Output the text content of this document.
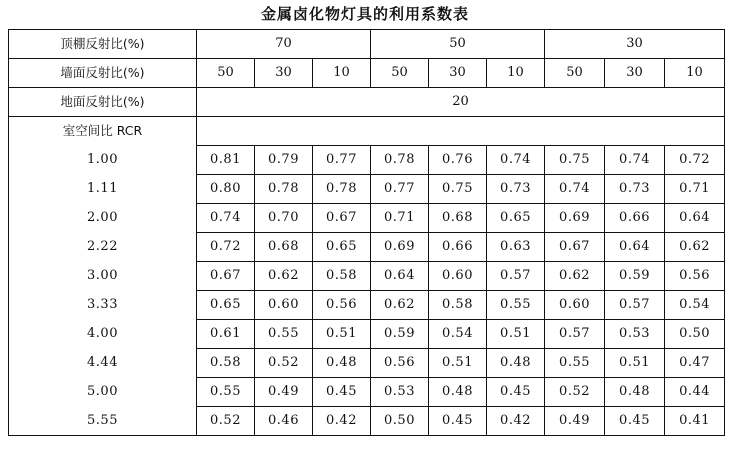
金属卤化物灯具的利用系数表
顶棚反射比(%)	70			50			30		
墙面反射比(%)	50	30	10	50	30	10	50	30	10
地面反射比(%)	20								
室空间比 RCR									
1.00	0.81	0.79	0.77	0.78	0.76	0.74	0.75	0.74	0.72
1.11	0.80	0.78	0.78	0.77	0.75	0.73	0.74	0.73	0.71
2.00	0.74	0.70	0.67	0.71	0.68	0.65	0.69	0.66	0.64
2.22	0.72	0.68	0.65	0.69	0.66	0.63	0.67	0.64	0.62
3.00	0.67	0.62	0.58	0.64	0.60	0.57	0.62	0.59	0.56
3.33	0.65	0.60	0.56	0.62	0.58	0.55	0.60	0.57	0.54
4.00	0.61	0.55	0.51	0.59	0.54	0.51	0.57	0.53	0.50
4.44	0.58	0.52	0.48	0.56	0.51	0.48	0.55	0.51	0.47
5.00	0.55	0.49	0.45	0.53	0.48	0.45	0.52	0.48	0.44
5.55	0.52	0.46	0.42	0.50	0.45	0.42	0.49	0.45	0.41
